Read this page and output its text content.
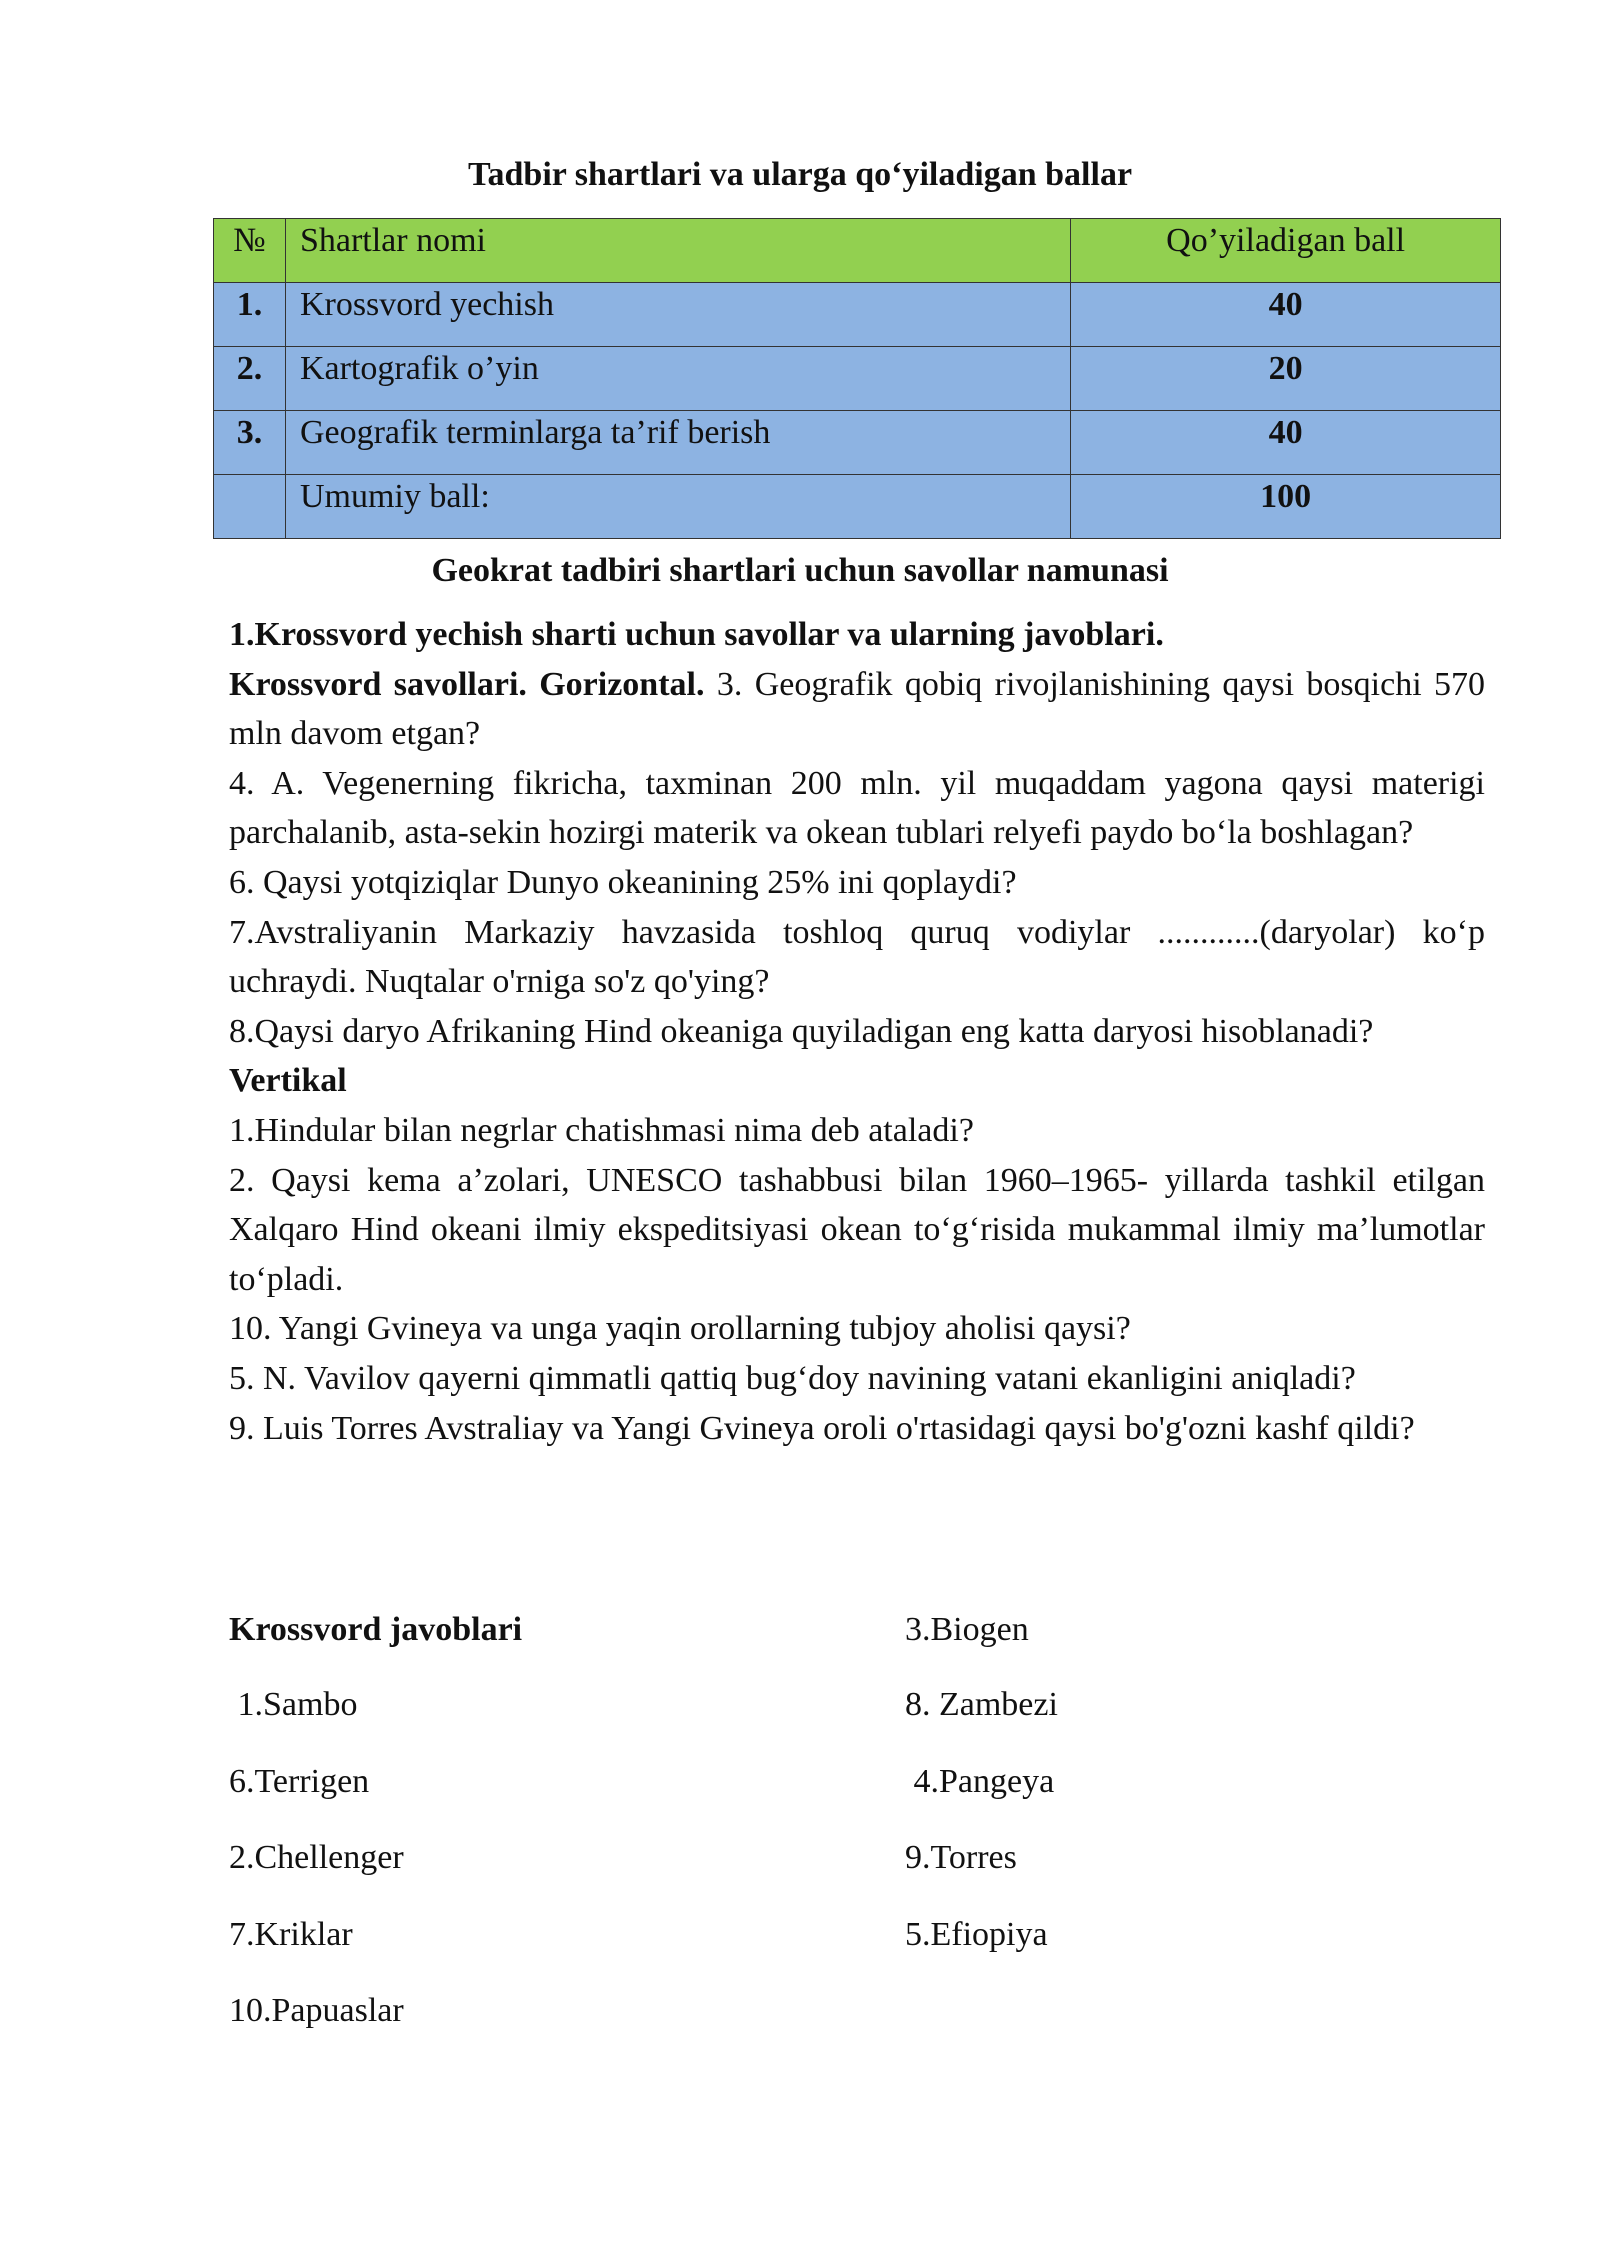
Tadbir shartlari va ularga qo‘yiladigan ballar
№	Shartlar nomi	Qo’yiladigan ball
1.	Krossvord yechish	40
2.	Kartografik o’yin	20
3.	Geografik terminlarga ta’rif berish	40
	Umumiy ball:	100
Geokrat tadbiri shartlari uchun savollar namunasi

1.Krossvord yechish sharti uchun savollar va ularning javoblari.

Krossvord savollari. Gorizontal. 3. Geografik qobiq rivojlanishining qaysi bosqichi 570 mln davom etgan?

4. A. Vegenerning fikricha, taxminan 200 mln. yil muqaddam yagona qaysi materigi parchalanib, asta-sekin hozirgi materik va okean tublari relyefi paydo bo‘la boshlagan?

6. Qaysi yotqiziqlar Dunyo okeanining 25% ini qoplaydi?

7.Avstraliyanin Markaziy havzasida toshloq quruq vodiylar ............(daryolar) ko‘p uchraydi. Nuqtalar o'rniga so'z qo'ying?

8.Qaysi daryo Afrikaning Hind okeaniga quyiladigan eng katta daryosi hisoblanadi?

Vertikal

1.Hindular bilan negrlar chatishmasi nima deb ataladi?

2. Qaysi kema a’zolari, UNESCO tashabbusi bilan 1960–1965- yillarda tashkil etilgan Xalqaro Hind okeani ilmiy ekspeditsiyasi okean to‘g‘risida mukammal ilmiy ma’lumotlar to‘pladi.

10. Yangi Gvineya va unga yaqin orollarning tubjoy aholisi qaysi?

5. N. Vavilov qayerni qimmatli qattiq bug‘doy navining vatani ekanligini aniqladi?

9. Luis Torres Avstraliay va Yangi Gvineya oroli o'rtasidagi qaysi bo'g'ozni kashf qildi?

Krossvord javoblari	3.Biogen
1.Sambo	8. Zambezi
6.Terrigen	4.Pangeya
2.Chellenger	9.Torres
7.Kriklar	5.Efiopiya
10.Papuaslar
